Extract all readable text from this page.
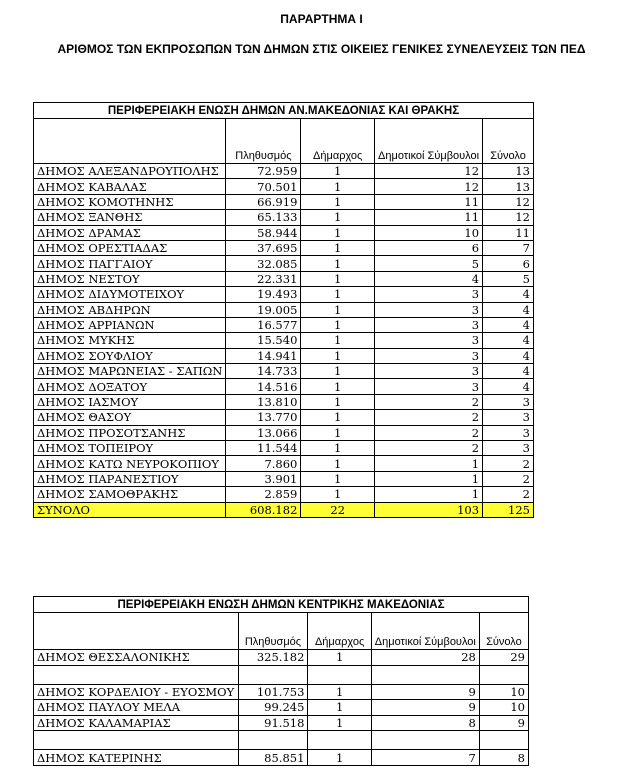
ΠΑΡΑΡΤΗΜΑ Ι
ΑΡΙΘΜΟΣ ΤΩΝ ΕΚΠΡΟΣΩΠΩΝ ΤΩΝ ΔΗΜΩΝ ΣΤΙΣ ΟΙΚΕΙΕΣ ΓΕΝΙΚΕΣ ΣΥΝΕΛΕΥΣΕΙΣ ΤΩΝ ΠΕΔ
ΠΕΡΙΦΕΡΕΙΑΚΗ ΕΝΩΣΗ ΔΗΜΩΝ ΑΝ.ΜΑΚΕΔΟΝΙΑΣ ΚΑΙ ΘΡΑΚΗΣ				
	Πληθυσμός	Δήμαρχος	Δημοτικοί Σύμβουλοι	Σύνολο
ΔΗΜΟΣ ΑΛΕΞΑΝΔΡΟΥΠΟΛΗΣ	72.959	1	12	13
ΔΗΜΟΣ ΚΑΒΑΛΑΣ	70.501	1	12	13
ΔΗΜΟΣ ΚΟΜΟΤΗΝΗΣ	66.919	1	11	12
ΔΗΜΟΣ ΞΑΝΘΗΣ	65.133	1	11	12
ΔΗΜΟΣ ΔΡΑΜΑΣ	58.944	1	10	11
ΔΗΜΟΣ ΟΡΕΣΤΙΑΔΑΣ	37.695	1	6	7
ΔΗΜΟΣ ΠΑΓΓΑΙΟΥ	32.085	1	5	6
ΔΗΜΟΣ ΝΕΣΤΟΥ	22.331	1	4	5
ΔΗΜΟΣ ΔΙΔΥΜΟΤΕΙΧΟΥ	19.493	1	3	4
ΔΗΜΟΣ ΑΒΔΗΡΩΝ	19.005	1	3	4
ΔΗΜΟΣ ΑΡΡΙΑΝΩΝ	16.577	1	3	4
ΔΗΜΟΣ ΜΥΚΗΣ	15.540	1	3	4
ΔΗΜΟΣ ΣΟΥΦΛΙΟΥ	14.941	1	3	4
ΔΗΜΟΣ ΜΑΡΩΝΕΙΑΣ - ΣΑΠΩΝ	14.733	1	3	4
ΔΗΜΟΣ ΔΟΞΑΤΟΥ	14.516	1	3	4
ΔΗΜΟΣ ΙΑΣΜΟΥ	13.810	1	2	3
ΔΗΜΟΣ ΘΑΣΟΥ	13.770	1	2	3
ΔΗΜΟΣ ΠΡΟΣΟΤΣΑΝΗΣ	13.066	1	2	3
ΔΗΜΟΣ ΤΟΠΕΙΡΟΥ	11.544	1	2	3
ΔΗΜΟΣ ΚΑΤΩ ΝΕΥΡΟΚΟΠΙΟΥ	7.860	1	1	2
ΔΗΜΟΣ ΠΑΡΑΝΕΣΤΙΟΥ	3.901	1	1	2
ΔΗΜΟΣ ΣΑΜΟΘΡΑΚΗΣ	2.859	1	1	2
ΣΥΝΟΛΟ	608.182	22	103	125
ΠΕΡΙΦΕΡΕΙΑΚΗ ΕΝΩΣΗ ΔΗΜΩΝ ΚΕΝΤΡΙΚΗΣ ΜΑΚΕΔΟΝΙΑΣ				
	Πληθυσμός	Δήμαρχος	Δημοτικοί Σύμβουλοι	Σύνολο
ΔΗΜΟΣ ΘΕΣΣΑΛΟΝΙΚΗΣ	325.182	1	28	29

ΔΗΜΟΣ ΚΟΡΔΕΛΙΟΥ - ΕΥΟΣΜΟΥ	101.753	1	9	10
ΔΗΜΟΣ ΠΑΥΛΟΥ ΜΕΛΑ	99.245	1	9	10
ΔΗΜΟΣ ΚΑΛΑΜΑΡΙΑΣ	91.518	1	8	9

ΔΗΜΟΣ ΚΑΤΕΡΙΝΗΣ	85.851	1	7	8
